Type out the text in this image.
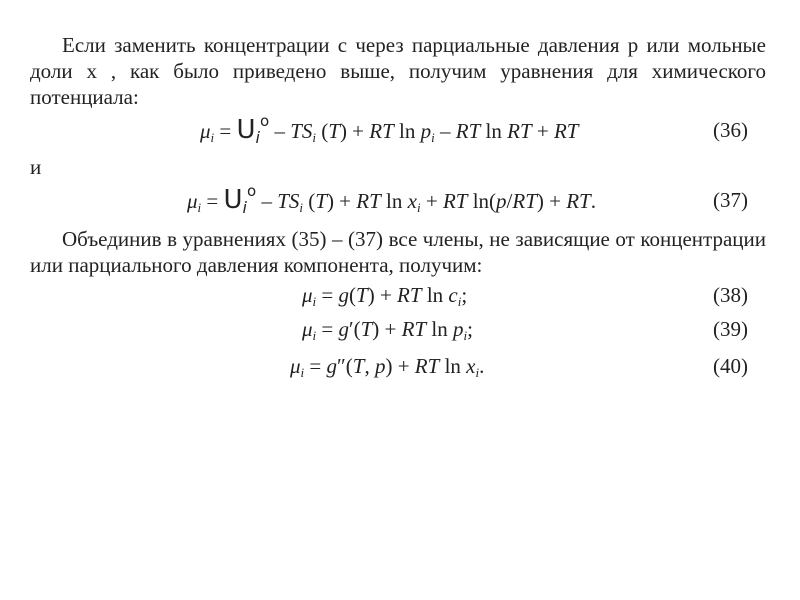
Если заменить концентрации c через парциальные давления p или мольные доли x , как было приведено выше, получим уравнения для химического потенциала:

$\mu_i = U_i^o - TS_i$ (T) + RT $\ln p_i$ – RT ln RT + RT	(36)

и

$\mu_i = U_i^o - TS_i$ (T) + RT $\ln x_i$ + RT ln(p/RT) + RT.	(37)

Объединив в уравнениях (35) – (37) все члены, не зависящие от концентрации или парциального давления компонента, получим:

$\mu_i = g(T)$ + RT $\ln c_i$;	(38)
$\mu_i = g'(T)$ + RT $\ln p_i$;	(39)
$\mu_i = g''(T$, p) + RT $\ln x_i$.	(40)
